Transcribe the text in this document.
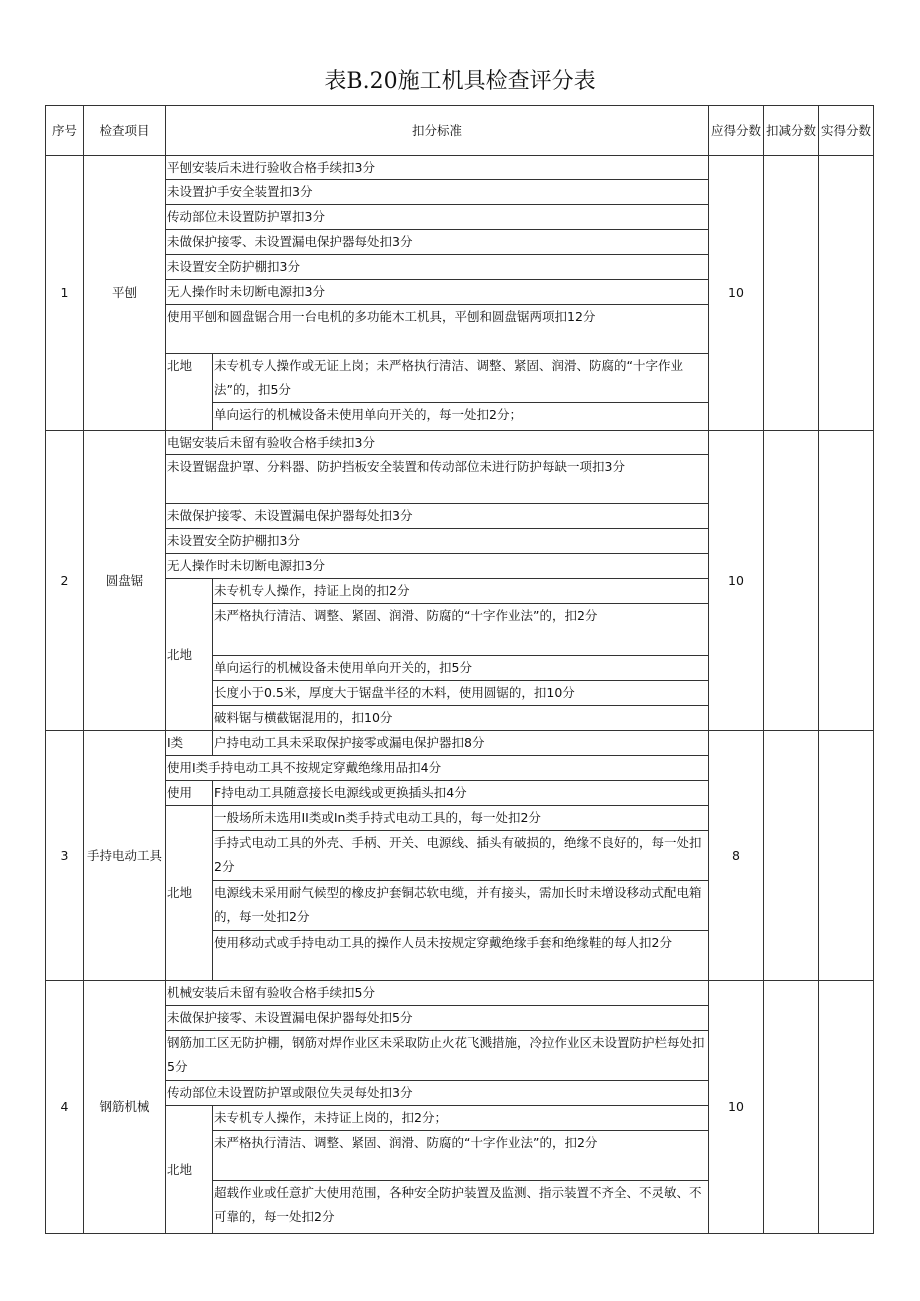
表B.20施工机具检查评分表
序号 检查项目	扣分标准	应得分数 扣减分数 实得分数
1	平刨	10
平刨安装后未进行验收合格手续扣3分
未设置护手安全装置扣3分
传动部位未设置防护罩扣3分
未做保护接零、未设置漏电保护器每处扣3分
未设置安全防护棚扣3分
无人操作时未切断电源扣3分
使用平刨和圆盘锯合用一台电机的多功能木工机具，平刨和圆盘锯两项扣12分
北地	未专机专人操作或无证上岗；未严格执行清洁、调整、紧固、润滑、防腐的“十字作业法”的，扣5分
单向运行的机械设备未使用单向开关的，每一处扣2分；
2	圆盘锯	10
电锯安装后未留有验收合格手续扣3分
未设置锯盘护罩、分料器、防护挡板安全装置和传动部位未进行防护每缺一项扣3分
未做保护接零、未设置漏电保护器每处扣3分
未设置安全防护棚扣3分
无人操作时未切断电源扣3分
北地
未专机专人操作，持证上岗的扣2分
未严格执行清洁、调整、紧固、润滑、防腐的“十字作业法”的，扣2分
单向运行的机械设备未使用单向开关的，扣5分
长度小于0.5米，厚度大于锯盘半径的木料，使用圆锯的，扣10分
破料锯与横截锯混用的，扣10分
3 手持电动工具	8
I类	户持电动工具未采取保护接零或漏电保护器扣8分
使用I类手持电动工具不按规定穿戴绝缘用品扣4分
使用	F持电动工具随意接长电源线或更换插头扣4分
北地
一般场所未选用II类或In类手持式电动工具的，每一处扣2分
手持式电动工具的外壳、手柄、开关、电源线、插头有破损的，绝缘不良好的，每一处扣2分
电源线未采用耐气候型的橡皮护套铜芯软电缆，并有接头，需加长时未增设移动式配电箱的，每一处扣2分
使用移动式或手持电动工具的操作人员未按规定穿戴绝缘手套和绝缘鞋的每人扣2分
4 钢筋机械	10
机械安装后未留有验收合格手续扣5分
未做保护接零、未设置漏电保护器每处扣5分
钢筋加工区无防护棚，钢筋对焊作业区未采取防止火花飞溅措施，冷拉作业区未设置防护栏每处扣5分
传动部位未设置防护罩或限位失灵每处扣3分
北地
未专机专人操作，未持证上岗的，扣2分；
未严格执行清洁、调整、紧固、润滑、防腐的“十字作业法”的，扣2分
超载作业或任意扩大使用范围，各种安全防护装置及监测、指示装置不齐全、不灵敏、不可靠的，每一处扣2分
